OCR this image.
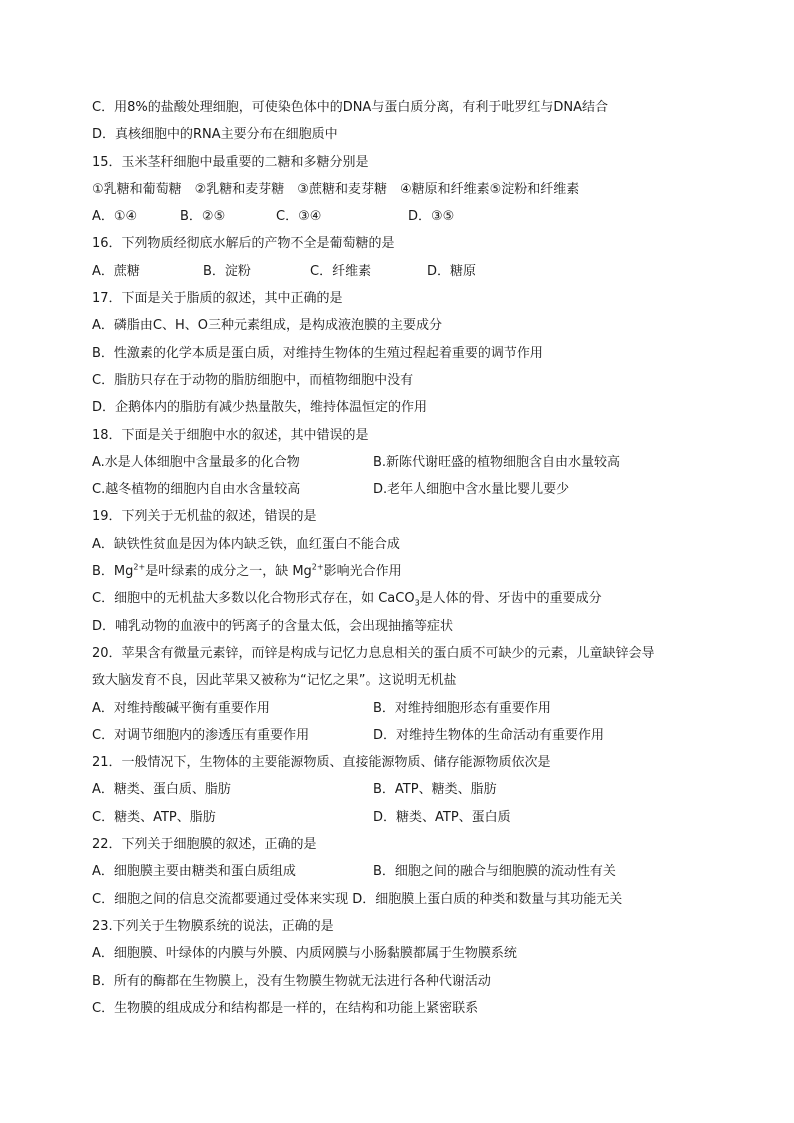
C．用8%的盐酸处理细胞，可使染色体中的DNA与蛋白质分离，有利于吡罗红与DNA结合
D．真核细胞中的RNA主要分布在细胞质中
15．玉米茎秆细胞中最重要的二糖和多糖分别是
①乳糖和葡萄糖　②乳糖和麦芽糖　③蔗糖和麦芽糖　④糖原和纤维素⑤淀粉和纤维素
A．①④	B．②⑤	C．③④	D．③⑤
16．下列物质经彻底水解后的产物不全是葡萄糖的是
A．蔗糖	B．淀粉	C．纤维素	D．糖原
17．下面是关于脂质的叙述，其中正确的是
A．磷脂由C、H、O三种元素组成，是构成液泡膜的主要成分
B．性激素的化学本质是蛋白质，对维持生物体的生殖过程起着重要的调节作用
C．脂肪只存在于动物的脂肪细胞中，而植物细胞中没有
D．企鹅体内的脂肪有减少热量散失，维持体温恒定的作用
18．下面是关于细胞中水的叙述，其中错误的是
A.水是人体细胞中含量最多的化合物	B.新陈代谢旺盛的植物细胞含自由水量较高
C.越冬植物的细胞内自由水含量较高	D.老年人细胞中含水量比婴儿要少
19．下列关于无机盐的叙述，错误的是
A．缺铁性贫血是因为体内缺乏铁，血红蛋白不能合成
B．$Mg^{2+}$是叶绿素的成分之一，缺 $Mg^{2+}$影响光合作用
C．细胞中的无机盐大多数以化合物形式存在，如 CaCO$_3$是人体的骨、牙齿中的重要成分
D．哺乳动物的血液中的钙离子的含量太低，会出现抽搐等症状
20．苹果含有微量元素锌，而锌是构成与记忆力息息相关的蛋白质不可缺少的元素，儿童缺锌会导
致大脑发育不良，因此苹果又被称为“记忆之果”。这说明无机盐
A．对维持酸碱平衡有重要作用	B．对维持细胞形态有重要作用
C．对调节细胞内的渗透压有重要作用	D．对维持生物体的生命活动有重要作用
21．一般情况下，生物体的主要能源物质、直接能源物质、储存能源物质依次是
A．糖类、蛋白质、脂肪	B．ATP、糖类、脂肪
C．糖类、ATP、脂肪	D．糖类、ATP、蛋白质
22．下列关于细胞膜的叙述，正确的是
A．细胞膜主要由糖类和蛋白质组成	B．细胞之间的融合与细胞膜的流动性有关
C．细胞之间的信息交流都要通过受体来实现 D．细胞膜上蛋白质的种类和数量与其功能无关
23.下列关于生物膜系统的说法，正确的是
A．细胞膜、叶绿体的内膜与外膜、内质网膜与小肠黏膜都属于生物膜系统
B．所有的酶都在生物膜上，没有生物膜生物就无法进行各种代谢活动
C．生物膜的组成成分和结构都是一样的，在结构和功能上紧密联系
